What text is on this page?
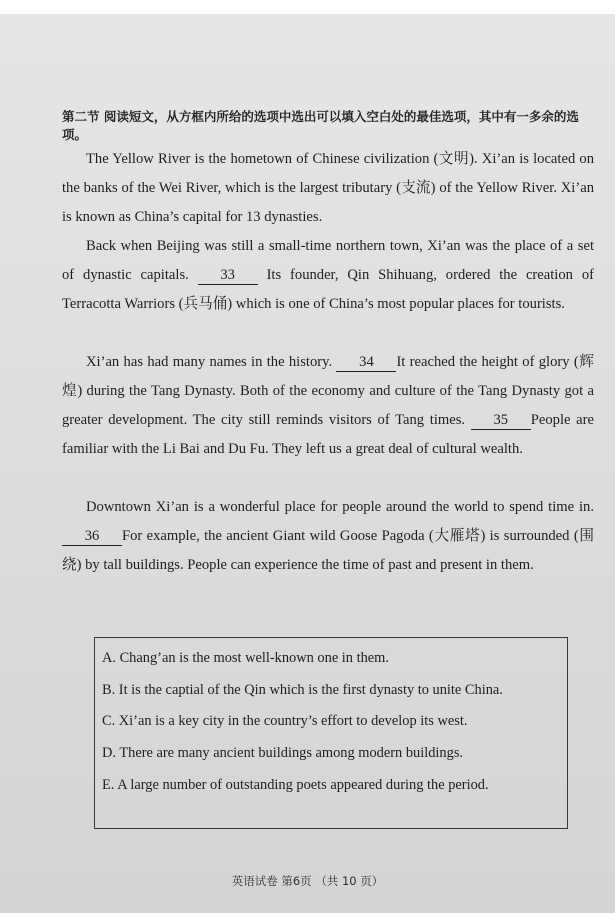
第二节 阅读短文，从方框内所给的选项中选出可以填入空白处的最佳选项，其中有一多余的选项。
The Yellow River is the hometown of Chinese civilization (文明). Xi’an is located on the banks of the Wei River, which is the largest tributary (支流) of the Yellow River. Xi’an is known as China’s capital for 13 dynasties.
Back when Beijing was still a small-time northern town, Xi’an was the place of a set of dynastic capitals. 33 Its founder, Qin Shihuang, ordered the creation of Terracotta Warriors (兵马俑) which is one of China’s most popular places for tourists.
Xi’an has had many names in the history. 34 It reached the height of glory (辉煌) during the Tang Dynasty. Both of the economy and culture of the Tang Dynasty got a greater development. The city still reminds visitors of Tang times. 35 People are familiar with the Li Bai and Du Fu. They left us a great deal of cultural wealth.
Downtown Xi’an is a wonderful place for people around the world to spend time in.36 For example, the ancient Giant wild Goose Pagoda (大雁塔) is surrounded (围绕) by tall buildings. People can experience the time of past and present in them.
A. Chang’an is the most well-known one in them.
B. It is the captial of the Qin which is the first dynasty to unite China.
C. Xi’an is a key city in the country’s effort to develop its west.
D. There are many ancient buildings among modern buildings.
E. A large number of outstanding poets appeared during the period.
英语试卷 第6页 （共 10 页）
